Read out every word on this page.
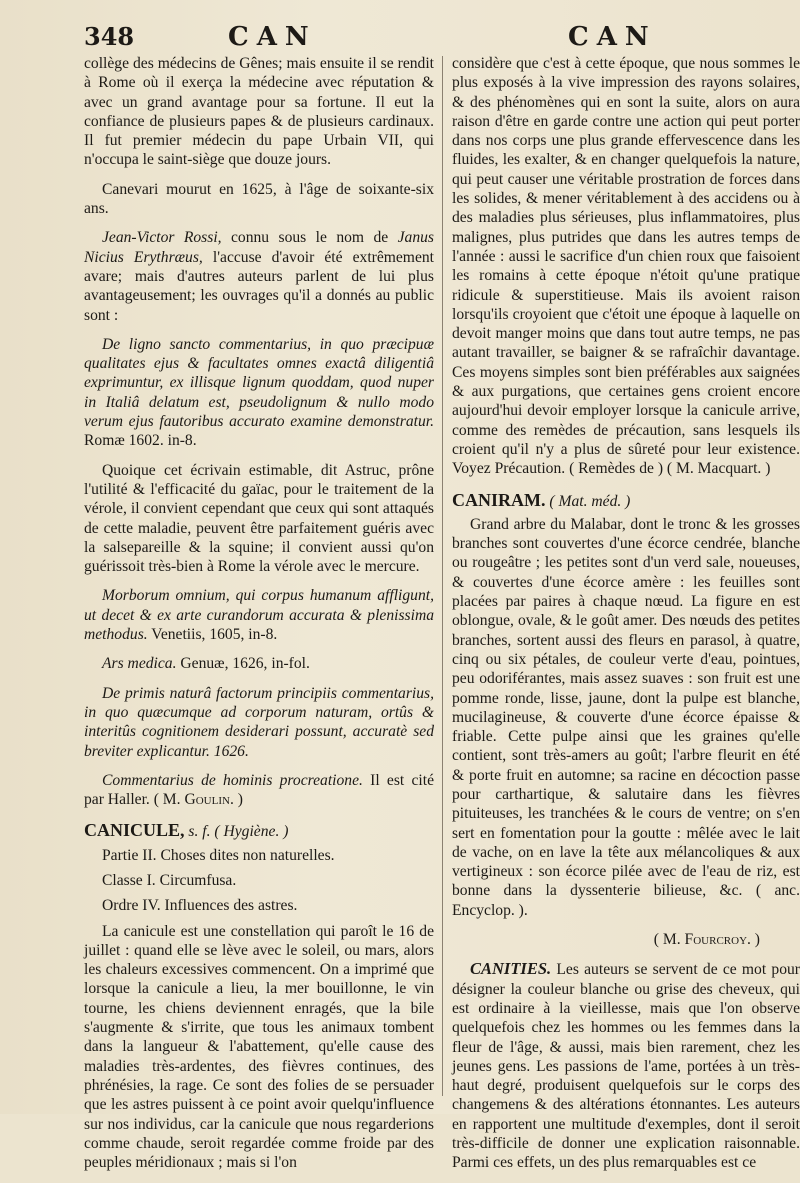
348	CAN	CAN

collège des médecins de Gênes; mais ensuite il se rendit à Rome où il exerça la médecine avec réputation & avec un grand avantage pour sa fortune. Il eut la confiance de plusieurs papes & de plusieurs cardinaux. Il fut premier médecin du pape Urbain VII, qui n'occupa le saint-siège que douze jours.

Canevari mourut en 1625, à l'âge de soixante-six ans.

Jean-Victor Rossi, connu sous le nom de Janus Nicius Erythræus, l'accuse d'avoir été extrêmement avare; mais d'autres auteurs parlent de lui plus avantageusement; les ouvrages qu'il a donnés au public sont :

De ligno sancto commentarius, in quo præcipuæ qualitates ejus & facultates omnes exactâ diligentiâ exprimuntur, ex illisque lignum quoddam, quod nuper in Italiâ delatum est, pseudolignum & nullo modo verum ejus fautoribus accurato examine demonstratur. Romæ 1602. in-8.

Quoique cet écrivain estimable, dit Astruc, prône l'utilité & l'efficacité du gaïac, pour le traitement de la vérole, il convient cependant que ceux qui sont attaqués de cette maladie, peuvent être parfaitement guéris avec la salsepareille & la squine; il convient aussi qu'on guérissoit très-bien à Rome la vérole avec le mercure.

Morborum omnium, qui corpus humanum affligunt, ut decet & ex arte curandorum accurata & plenissima methodus. Venetiis, 1605, in-8.

Ars medica. Genuæ, 1626, in-fol.

De primis naturâ factorum principiis commentarius, in quo quæcumque ad corporum naturam, ortûs & interitûs cognitionem desiderari possunt, accuratè sed breviter explicantur. 1626.

Commentarius de hominis procreatione. Il est cité par Haller. ( M. Goulin. )

CANICULE, s. f. ( Hygiène. )
Partie II. Choses dites non naturelles.
Classe I. Circumfusa.
Ordre IV. Influences des astres.

La canicule est une constellation qui paroît le 16 de juillet : quand elle se lève avec le soleil, ou mars, alors les chaleurs excessives commencent. On a imprimé que lorsque la canicule a lieu, la mer bouillonne, le vin tourne, les chiens deviennent enragés, que la bile s'augmente & s'irrite, que tous les animaux tombent dans la langueur & l'abattement, qu'elle cause des maladies très-ardentes, des fièvres continues, des phrénésies, la rage. Ce sont des folies de se persuader que les astres puissent à ce point avoir quelqu'influence sur nos individus, car la canicule que nous regarderions comme chaude, seroit regardée comme froide par des peuples méridionaux ; mais si l'on

considère que c'est à cette époque, que nous sommes le plus exposés à la vive impression des rayons solaires, & des phénomènes qui en sont la suite, alors on aura raison d'être en garde contre une action qui peut porter dans nos corps une plus grande effervescence dans les fluides, les exalter, & en changer quelquefois la nature, qui peut causer une véritable prostration de forces dans les solides, & mener véritablement à des accidens ou à des maladies plus sérieuses, plus inflammatoires, plus malignes, plus putrides que dans les autres temps de l'année : aussi le sacrifice d'un chien roux que faisoient les romains à cette époque n'étoit qu'une pratique ridicule & superstitieuse. Mais ils avoient raison lorsqu'ils croyoient que c'étoit une époque à laquelle on devoit manger moins que dans tout autre temps, ne pas autant travailler, se baigner & se rafraîchir davantage. Ces moyens simples sont bien préférables aux saignées & aux purgations, que certaines gens croient encore aujourd'hui devoir employer lorsque la canicule arrive, comme des remèdes de précaution, sans lesquels ils croient qu'il n'y a plus de sûreté pour leur existence. Voyez Précaution. ( Remèdes de ) ( M. Macquart. )

CANIRAM. ( Mat. méd. )

Grand arbre du Malabar, dont le tronc & les grosses branches sont couvertes d'une écorce cendrée, blanche ou rougeâtre ; les petites sont d'un verd sale, noueuses, & couvertes d'une écorce amère : les feuilles sont placées par paires à chaque nœud. La figure en est oblongue, ovale, & le goût amer. Des nœuds des petites branches, sortent aussi des fleurs en parasol, à quatre, cinq ou six pétales, de couleur verte d'eau, pointues, peu odoriférantes, mais assez suaves : son fruit est une pomme ronde, lisse, jaune, dont la pulpe est blanche, mucilagineuse, & couverte d'une écorce épaisse & friable. Cette pulpe ainsi que les graines qu'elle contient, sont très-amers au goût; l'arbre fleurit en été & porte fruit en automne; sa racine en décoction passe pour carthartique, & salutaire dans les fièvres pituiteuses, les tranchées & le cours de ventre; on s'en sert en fomentation pour la goutte : mêlée avec le lait de vache, on en lave la tête aux mélancoliques & aux vertigineux : son écorce pilée avec de l'eau de riz, est bonne dans la dyssenterie bilieuse, &c. ( anc. Encyclop. ).

( M. Fourcroy. )

CANITIES. Les auteurs se servent de ce mot pour désigner la couleur blanche ou grise des cheveux, qui est ordinaire à la vieillesse, mais que l'on observe quelquefois chez les hommes ou les femmes dans la fleur de l'âge, & aussi, mais bien rarement, chez les jeunes gens. Les passions de l'ame, portées à un très-haut degré, produisent quelquefois sur le corps des changemens & des altérations étonnantes. Les auteurs en rapportent une multitude d'exemples, dont il seroit très-difficile de donner une explication raisonnable. Parmi ces effets, un des plus remarquables est ce
